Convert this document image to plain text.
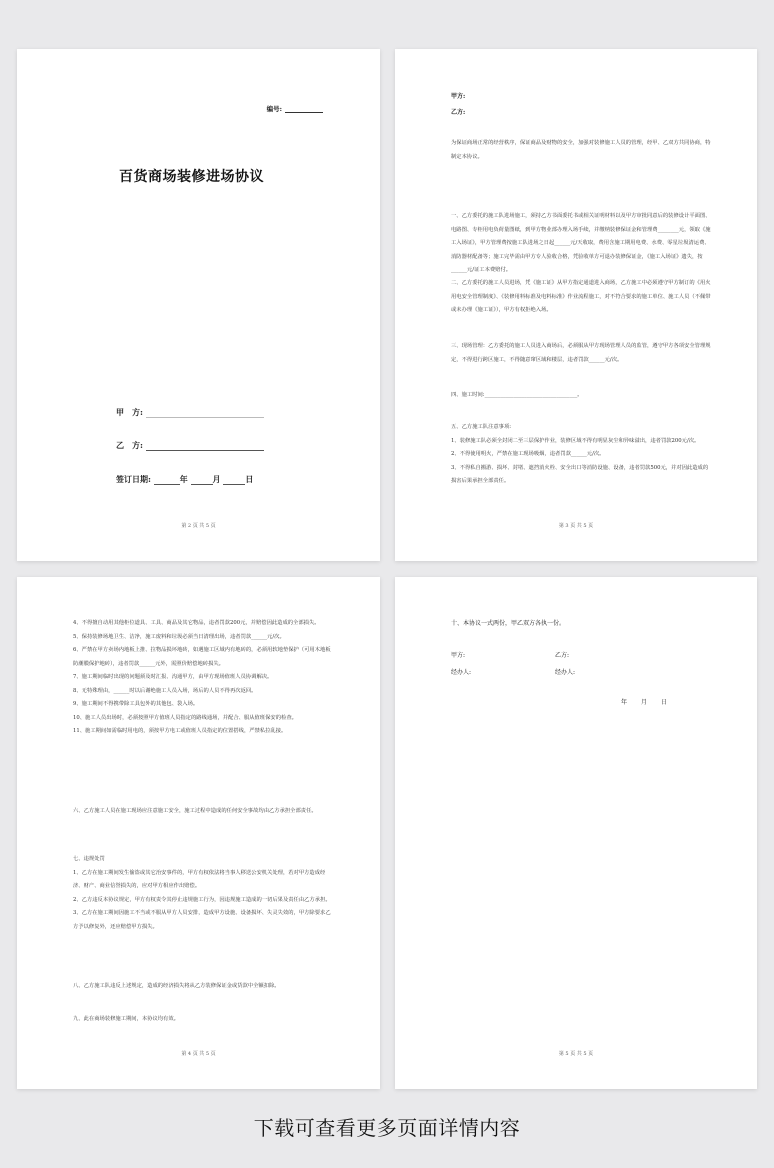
编号:
百货商场装修进场协议
甲　方:
乙　方:
签订日期:	年	月	日
第 2 页 共 5 页
甲方:
乙方:

为保证商场正常的经营秩序，保证商品及财物的安全，加强对装修施工人员的管理，经甲、乙双方共同协商，特制定本协议。

一、乙方委托的施工队进场施工，须持乙方书面委托书或相关证明材料以及甲方审批同意后的装修设计平面图、电路图、专柜用电负荷量图纸，到甲方物业部办理入场手续，并缴纳装修保证金和管理费________元，领取《施工入场证》，甲方管理费按施工队进场之日起______元/天收取，费用含施工期用电费、水费、零星垃圾清运费、消防器材配备等；施工完毕需由甲方专人验收合格，凭验收单方可退办装修保证金，《施工入场证》遗失，按______元/证工本费赔付。

二、乙方委托的施工人员进场，凭《施工证》从甲方指定通道进入商场，乙方施工中必须遵守甲方制订的《用火用电安全管理制度》、《装修用料标准及电料标准》作业流程施工，对不符合要求的施工单位、施工人员（不佩带或未办理《施工证》），甲方有权拒绝入场。

三、现场管理：乙方委托的施工人员进入商场后，必须服从甲方现场管理人员的监管，遵守甲方各项安全管理规定，不得进行跨区施工，不得随意窜区域和楼层，违者罚款______元/次。

四、施工时间:___________________________________。

五、乙方施工队注意事项:

1、装修施工队必须全封闭二至三层保护作业，装修区域不得有明显灰尘和异味溢出，违者罚款200元/次。

2、不得使用明火，严禁在施工现场吸烟，违者罚款______元/次。

3、不得私自搬游、损坏、封堵、遮挡消火栓、安全出口等消防设施、设备，违者罚款500元，并对因此造成的损害后果承担全部责任。

第 3 页 共 5 页

4、不得擅自动用其他柜位道具、工具、商品及其它物品，违者罚款200元，并赔偿因此造成的全部损失。

5、保持装修场地卫生、洁净，施工废料和垃圾必须当日清理出场，违者罚款______元/次。

6、严禁在甲方卖场内地板上推、拉物品损坏地砖，如遇施工区域内有地砖的，必须用软地垫保护（可用木地板防潮膜保护地砖），违者罚款______元外，需照价赔偿地砖损失。

7、施工期间临时出现的问题须及时汇报、沟通甲方，由甲方现场值班人员协调解决。

8、无特殊理由，______时以后谢绝施工人员入场，场后的人员不得再次返回。

9、施工期间不得携带除工具包外的其他包、袋入场。

10、施工人员出场时，必须按照甲方值班人员指定的路线通场，并配合、服从值班保安的检查。

11、施工期间如需临时用电的，须按甲方电工或值班人员指定的位置搭线，严禁私拉乱接。

六、乙方施工人员在施工现场应注意施工安全，施工过程中造成的任何安全事故均由乙方承担全部责任。

七、违规处罚

1、乙方在施工期间发生偷盗或其它治安事件的，甲方有权依法将当事人移送公安机关处理，若对甲方造成经济、财产、商业信誉损失的，应对甲方相应作出赔偿。

2、乙方违反本协议规定，甲方有权责令其停止违规施工行为，因违规施工造成的一切后果及责任由乙方承担。

3、乙方在施工期间因施工不当或不服从甲方人员安排，造成甲方设施、设备损坏、失灵失效的，甲方除要求乙方予以修复外，还应赔偿甲方损失。

八、乙方施工队违反上述规定，造成的经济损失将从乙方装修保证金或货款中全额扣除。

九、此在商场装修施工期间，本协议均有效。

第 4 页 共 5 页
十、本协议一式两份，甲乙双方各执一份。
甲方:	乙方:
经办人:	经办人:
年 月 日
第 5 页 共 5 页
下载可查看更多页面详情内容
